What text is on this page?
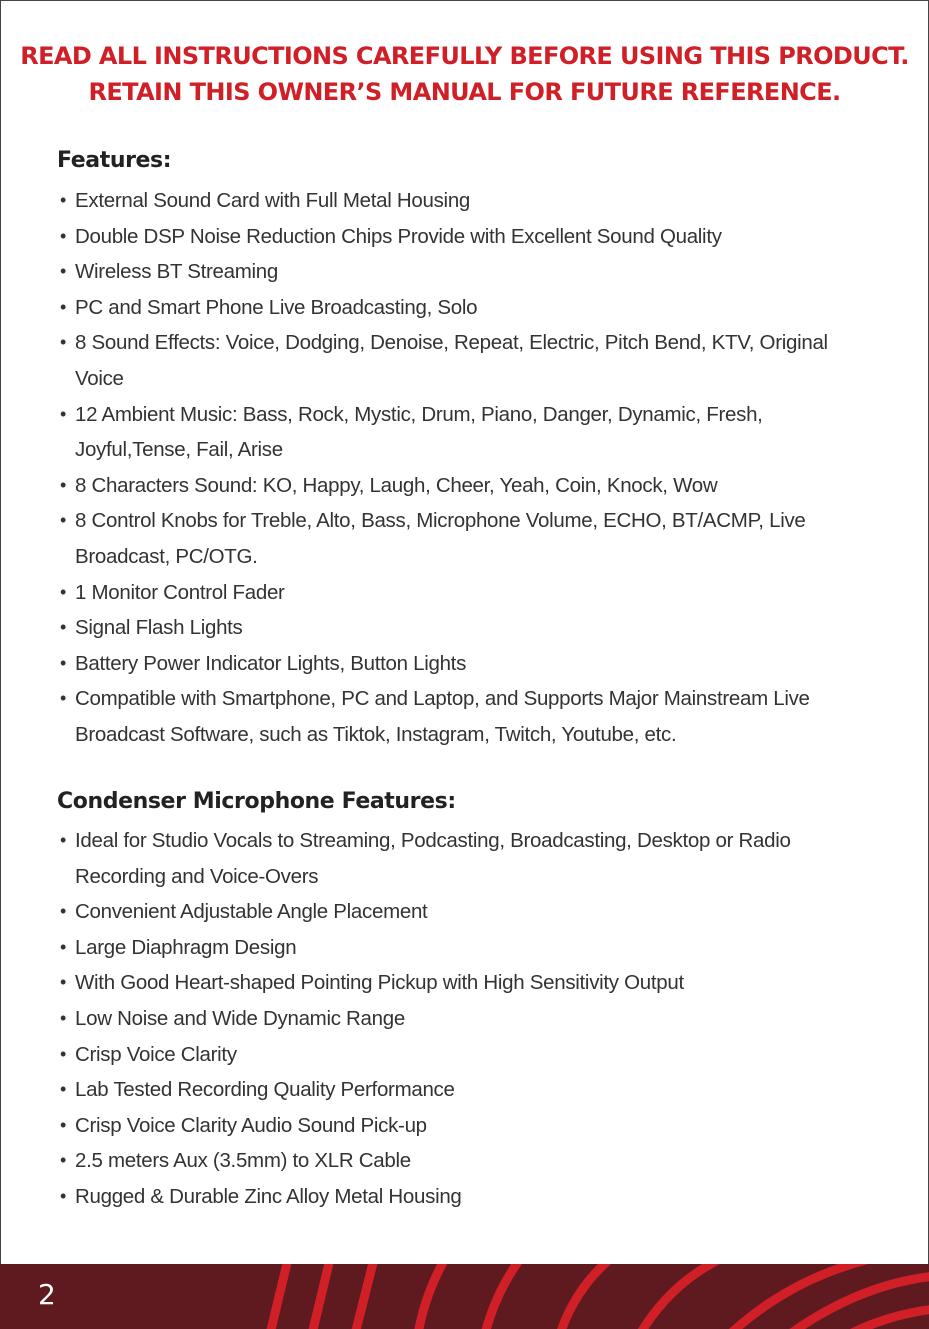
READ ALL INSTRUCTIONS CAREFULLY BEFORE USING THIS PRODUCT.
RETAIN THIS OWNER’S MANUAL FOR FUTURE REFERENCE.
Features:
• External Sound Card with Full Metal Housing
• Double DSP Noise Reduction Chips Provide with Excellent Sound Quality
• Wireless BT Streaming
• PC and Smart Phone Live Broadcasting, Solo
• 8 Sound Effects: Voice, Dodging, Denoise, Repeat, Electric, Pitch Bend, KTV, Original Voice
• 12 Ambient Music: Bass, Rock, Mystic, Drum, Piano, Danger, Dynamic, Fresh, Joyful,Tense, Fail, Arise
• 8 Characters Sound: KO, Happy, Laugh, Cheer, Yeah, Coin, Knock, Wow
• 8 Control Knobs for Treble, Alto, Bass, Microphone Volume, ECHO, BT/ACMP, Live Broadcast, PC/OTG.
• 1 Monitor Control Fader
• Signal Flash Lights
• Battery Power Indicator Lights, Button Lights
• Compatible with Smartphone, PC and Laptop, and Supports Major Mainstream Live Broadcast Software, such as Tiktok, Instagram, Twitch, Youtube, etc.
Condenser Microphone Features:
• Ideal for Studio Vocals to Streaming, Podcasting, Broadcasting, Desktop or Radio Recording and Voice-Overs
• Convenient Adjustable Angle Placement
• Large Diaphragm Design
• With Good Heart-shaped Pointing Pickup with High Sensitivity Output
• Low Noise and Wide Dynamic Range
• Crisp Voice Clarity
• Lab Tested Recording Quality Performance
• Crisp Voice Clarity Audio Sound Pick-up
• 2.5 meters Aux (3.5mm) to XLR Cable
• Rugged & Durable Zinc Alloy Metal Housing
2
